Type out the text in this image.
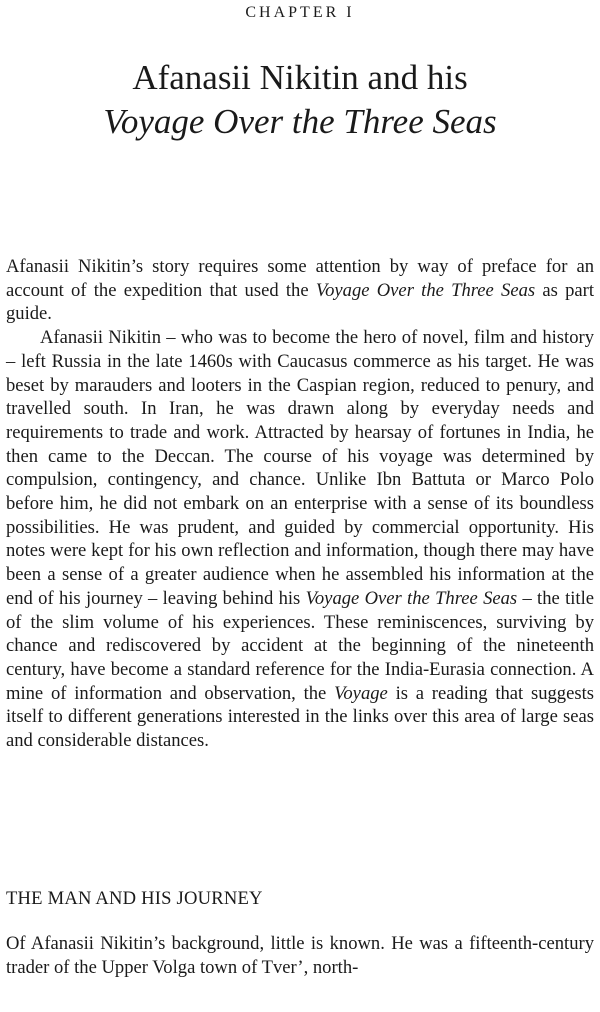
CHAPTER I
Afanasii Nikitin and his
Voyage Over the Three Seas

Afanasii Nikitin’s story requires some attention by way of preface for an account of the expedition that used the Voyage Over the Three Seas as part guide.

Afanasii Nikitin – who was to become the hero of novel, film and history – left Russia in the late 1460s with Caucasus commerce as his target. He was beset by marauders and looters in the Caspian region, reduced to penury, and travelled south. In Iran, he was drawn along by everyday needs and requirements to trade and work. Attracted by hearsay of fortunes in India, he then came to the Deccan. The course of his voyage was determined by compulsion, contingency, and chance. Unlike Ibn Battuta or Marco Polo before him, he did not embark on an enterprise with a sense of its boundless possibilities. He was prudent, and guided by commercial opportunity. His notes were kept for his own reflection and information, though there may have been a sense of a greater audience when he assembled his information at the end of his journey – leaving behind his Voyage Over the Three Seas – the title of the slim volume of his experiences. These reminiscences, surviving by chance and rediscovered by accident at the beginning of the nineteenth century, have become a standard reference for the India-Eurasia connection. A mine of information and observation, the Voyage is a reading that suggests itself to different generations interested in the links over this area of large seas and considerable distances.

THE MAN AND HIS JOURNEY

Of Afanasii Nikitin’s background, little is known. He was a fifteenth-century trader of the Upper Volga town of Tver’, north-
